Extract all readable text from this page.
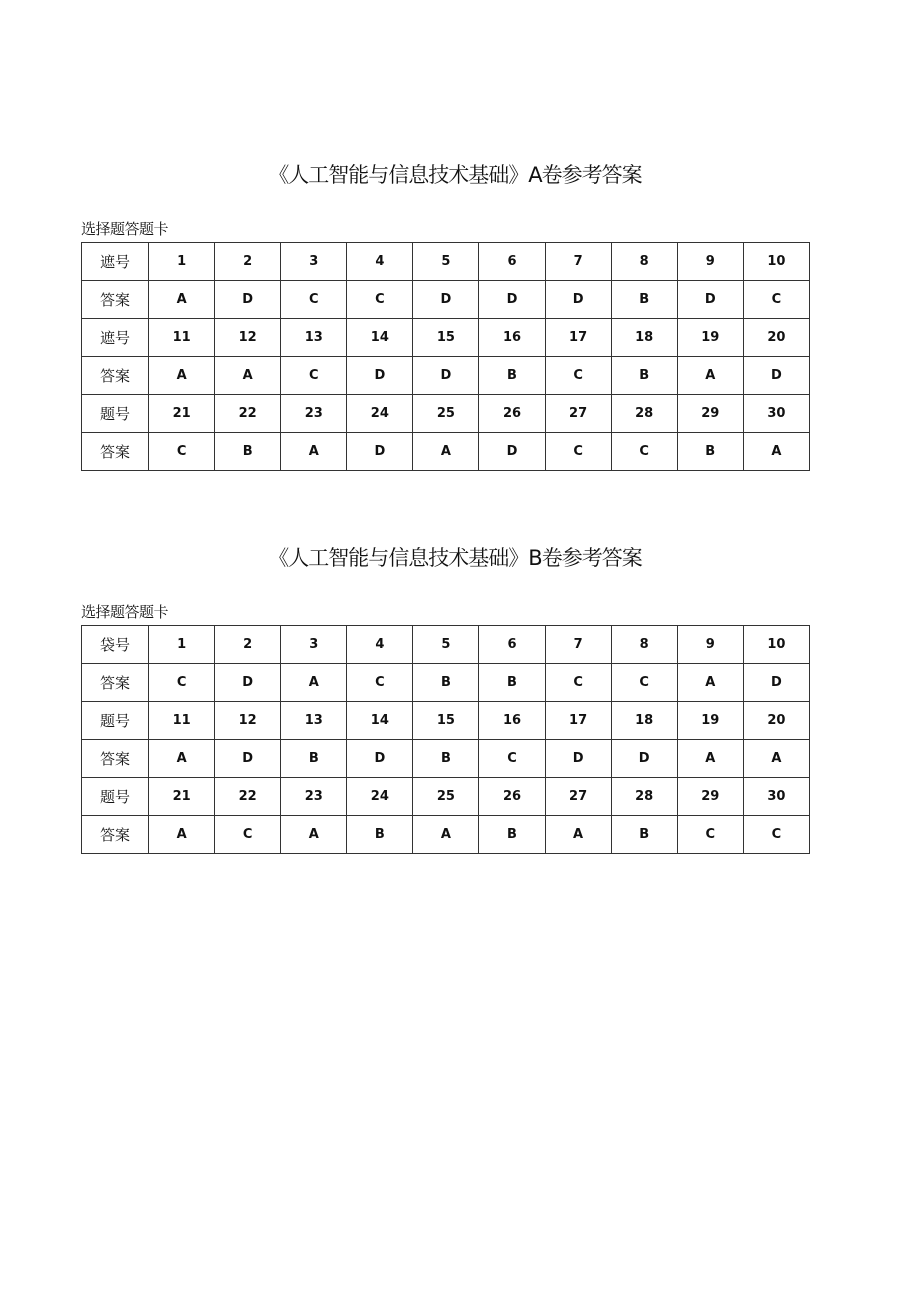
《人工智能与信息技术基础》A卷参考答案
选择题答题卡
遮号	1	2	3	4	5	6	7	8	9	10
答案	A	D	C	C	D	D	D	B	D	C
遮号	11	12	13	14	15	16	17	18	19	20
答案	A	A	C	D	D	B	C	B	A	D
题号	21	22	23	24	25	26	27	28	29	30
答案	C	B	A	D	A	D	C	C	B	A
《人工智能与信息技术基础》B卷参考答案
选择题答题卡
袋号	1	2	3	4	5	6	7	8	9	10
答案	C	D	A	C	B	B	C	C	A	D
题号	11	12	13	14	15	16	17	18	19	20
答案	A	D	B	D	B	C	D	D	A	A
题号	21	22	23	24	25	26	27	28	29	30
答案	A	C	A	B	A	B	A	B	C	C
